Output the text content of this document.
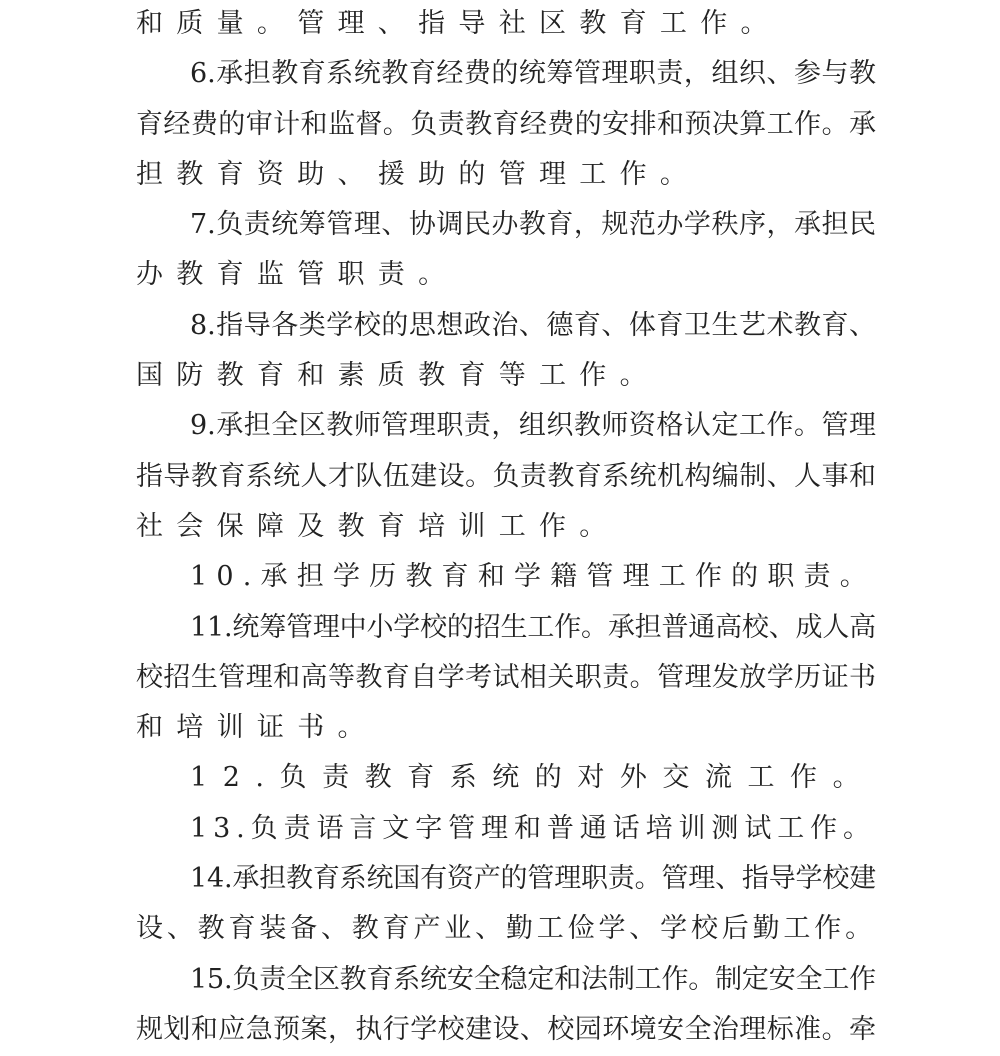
和质量。管理、指导社区教育工作。
6.承担教育系统教育经费的统筹管理职责，组织、参与教
育经费的审计和监督。负责教育经费的安排和预决算工作。承
担教育资助、援助的管理工作。
7.负责统筹管理、协调民办教育，规范办学秩序，承担民
办教育监管职责。
8.指导各类学校的思想政治、德育、体育卫生艺术教育、
国防教育和素质教育等工作。
9.承担全区教师管理职责，组织教师资格认定工作。管理
指导教育系统人才队伍建设。负责教育系统机构编制、人事和
社会保障及教育培训工作。
10.承担学历教育和学籍管理工作的职责。
11.统筹管理中小学校的招生工作。承担普通高校、成人高
校招生管理和高等教育自学考试相关职责。管理发放学历证书
和培训证书。
12.负责教育系统的对外交流工作。
13.负责语言文字管理和普通话培训测试工作。
14.承担教育系统国有资产的管理职责。管理、指导学校建
设、教育装备、教育产业、勤工俭学、学校后勤工作。
15.负责全区教育系统安全稳定和法制工作。制定安全工作
规划和应急预案，执行学校建设、校园环境安全治理标准。牵
